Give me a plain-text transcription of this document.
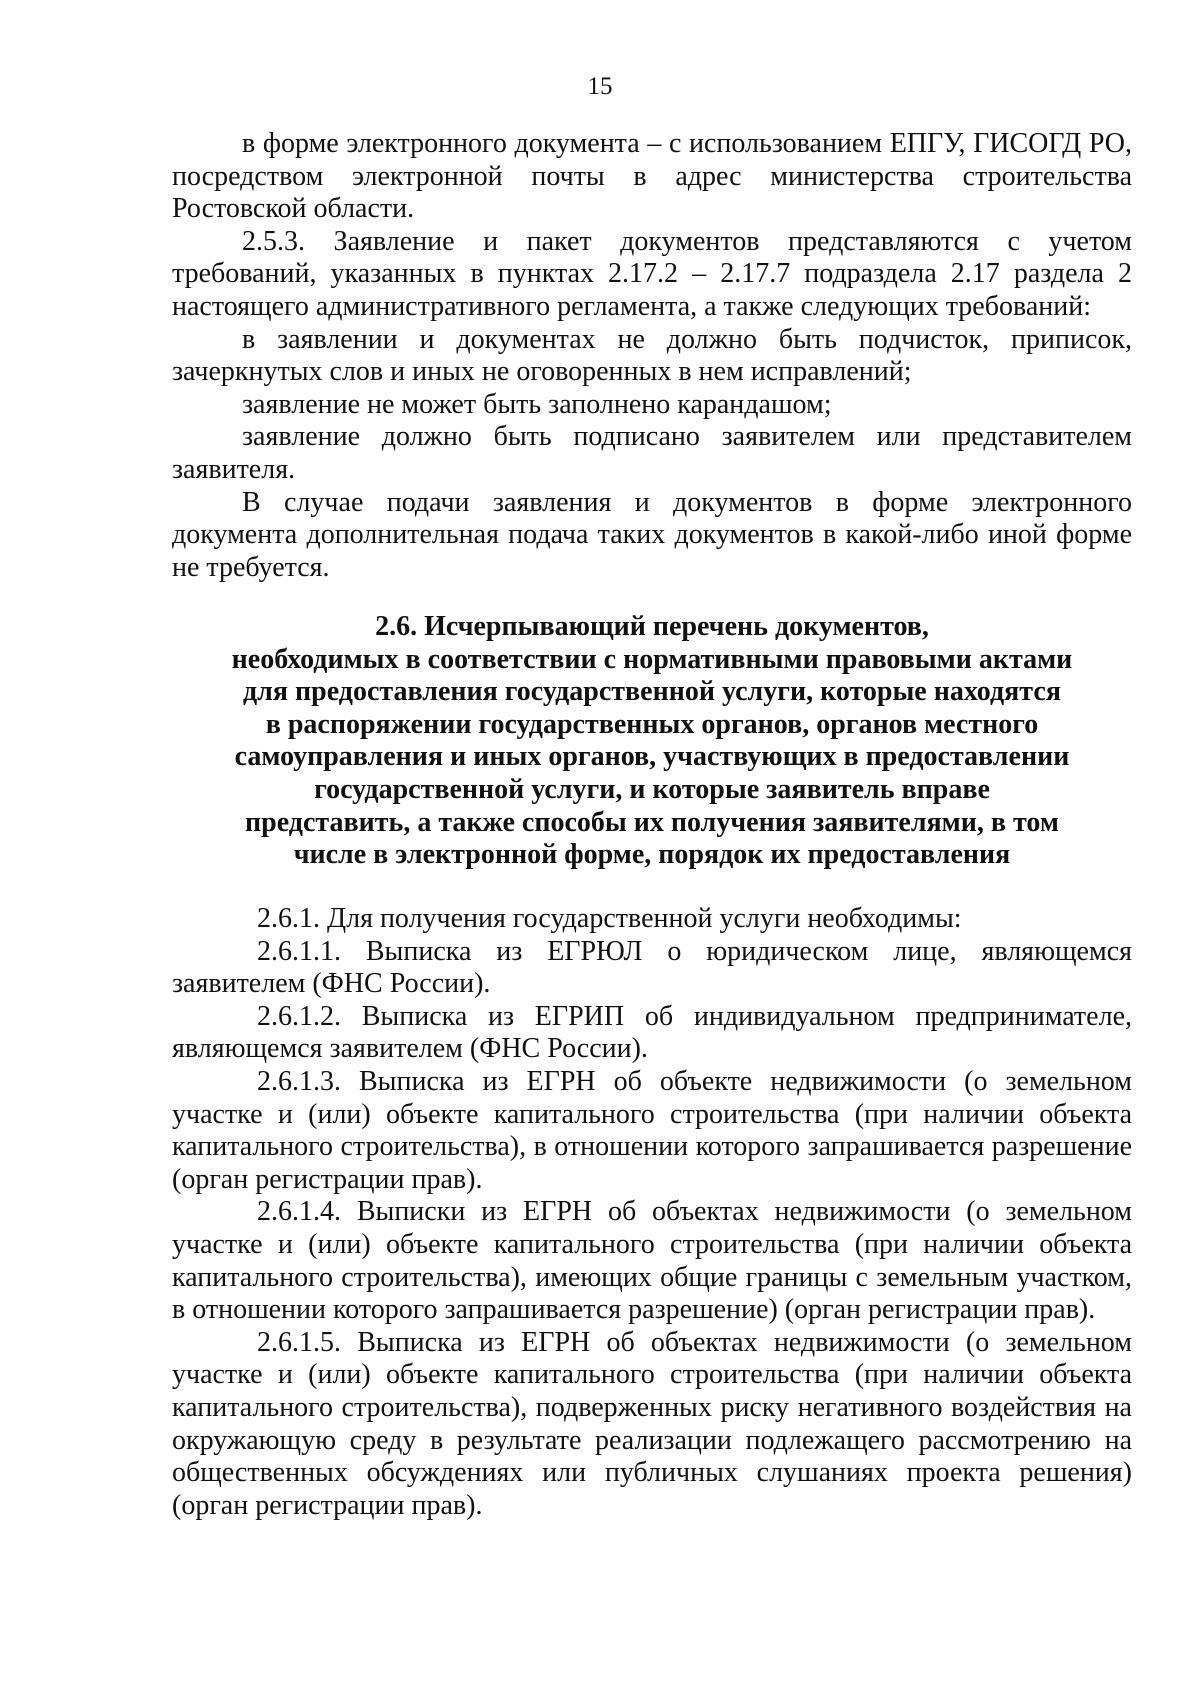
15

в форме электронного документа – с использованием ЕПГУ, ГИСОГД РО, посредством электронной почты в адрес министерства строительства Ростовской области.

2.5.3. Заявление и пакет документов представляются с учетом требований, указанных в пунктах 2.17.2 – 2.17.7 подраздела 2.17 раздела 2 настоящего административного регламента, а также следующих требований:

в заявлении и документах не должно быть подчисток, приписок, зачеркнутых слов и иных не оговоренных в нем исправлений;

заявление не может быть заполнено карандашом;

заявление должно быть подписано заявителем или представителем заявителя.

В случае подачи заявления и документов в форме электронного документа дополнительная подача таких документов в какой-либо иной форме не требуется.

2.6. Исчерпывающий перечень документов,
необходимых в соответствии с нормативными правовыми актами
для предоставления государственной услуги, которые находятся
в распоряжении государственных органов, органов местного
самоуправления и иных органов, участвующих в предоставлении
государственной услуги, и которые заявитель вправе
представить, а также способы их получения заявителями, в том
числе в электронной форме, порядок их предоставления

2.6.1. Для получения государственной услуги необходимы:

2.6.1.1. Выписка из ЕГРЮЛ о юридическом лице, являющемся заявителем (ФНС России).

2.6.1.2. Выписка из ЕГРИП об индивидуальном предпринимателе, являющемся заявителем (ФНС России).

2.6.1.3. Выписка из ЕГРН об объекте недвижимости (о земельном участке и (или) объекте капитального строительства (при наличии объекта капитального строительства), в отношении которого запрашивается разрешение (орган регистрации прав).

2.6.1.4. Выписки из ЕГРН об объектах недвижимости (о земельном участке и (или) объекте капитального строительства (при наличии объекта капитального строительства), имеющих общие границы с земельным участком, в отношении которого запрашивается разрешение) (орган регистрации прав).

2.6.1.5. Выписка из ЕГРН об объектах недвижимости (о земельном участке и (или) объекте капитального строительства (при наличии объекта капитального строительства), подверженных риску негативного воздействия на окружающую среду в результате реализации подлежащего рассмотрению на общественных обсуждениях или публичных слушаниях проекта решения) (орган регистрации прав).
